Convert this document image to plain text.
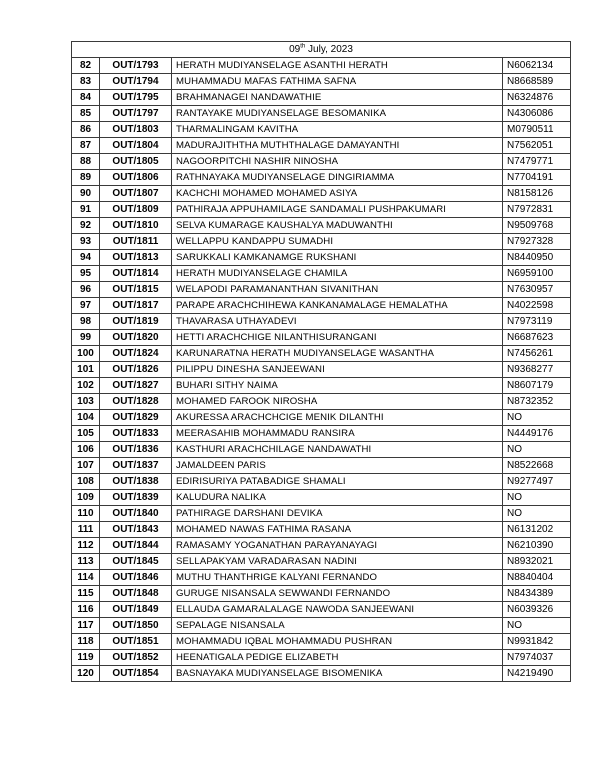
09th July, 2023			
82	OUT/1793	HERATH MUDIYANSELAGE ASANTHI HERATH	N6062134
83	OUT/1794	MUHAMMADU MAFAS FATHIMA SAFNA	N8668589
84	OUT/1795	BRAHMANAGEI NANDAWATHIE	N6324876
85	OUT/1797	RANTAYAKE MUDIYANSELAGE BESOMANIKA	N4306086
86	OUT/1803	THARMALINGAM KAVITHA	M0790511
87	OUT/1804	MADURAJITHTHA MUTHTHALAGE DAMAYANTHI	N7562051
88	OUT/1805	NAGOORPITCHI NASHIR NINOSHA	N7479771
89	OUT/1806	RATHNAYAKA MUDIYANSELAGE DINGIRIAMMA	N7704191
90	OUT/1807	KACHCHI MOHAMED MOHAMED ASIYA	N8158126
91	OUT/1809	PATHIRAJA APPUHAMILAGE SANDAMALI PUSHPAKUMARI	N7972831
92	OUT/1810	SELVA KUMARAGE KAUSHALYA MADUWANTHI	N9509768
93	OUT/1811	WELLAPPU KANDAPPU SUMADHI	N7927328
94	OUT/1813	SARUKKALI KAMKANAMGE RUKSHANI	N8440950
95	OUT/1814	HERATH MUDIYANSELAGE CHAMILA	N6959100
96	OUT/1815	WELAPODI PARAMANANTHAN SIVANITHAN	N7630957
97	OUT/1817	PARAPE ARACHCHIHEWA KANKANAMALAGE HEMALATHA	N4022598
98	OUT/1819	THAVARASA UTHAYADEVI	N7973119
99	OUT/1820	HETTI ARACHCHIGE NILANTHISURANGANI	N6687623
100	OUT/1824	KARUNARATNA HERATH MUDIYANSELAGE WASANTHA	N7456261
101	OUT/1826	PILIPPU DINESHA SANJEEWANI	N9368277
102	OUT/1827	BUHARI SITHY NAIMA	N8607179
103	OUT/1828	MOHAMED FAROOK NIROSHA	N8732352
104	OUT/1829	AKURESSA ARACHCHCIGE MENIK DILANTHI	NO
105	OUT/1833	MEERASAHIB MOHAMMADU RANSIRA	N4449176
106	OUT/1836	KASTHURI ARACHCHILAGE NANDAWATHI	NO
107	OUT/1837	JAMALDEEN PARIS	N8522668
108	OUT/1838	EDIRISURIYA PATABADIGE SHAMALI	N9277497
109	OUT/1839	KALUDURA NALIKA	NO
110	OUT/1840	PATHIRAGE DARSHANI DEVIKA	NO
111	OUT/1843	MOHAMED NAWAS FATHIMA RASANA	N6131202
112	OUT/1844	RAMASAMY YOGANATHAN PARAYANAYAGI	N6210390
113	OUT/1845	SELLAPAKYAM VARADARASAN NADINI	N8932021
114	OUT/1846	MUTHU THANTHRIGE KALYANI FERNANDO	N8840404
115	OUT/1848	GURUGE NISANSALA SEWWANDI FERNANDO	N8434389
116	OUT/1849	ELLAUDA GAMARALALAGE NAWODA SANJEEWANI	N6039326
117	OUT/1850	SEPALAGE NISANSALA	NO
118	OUT/1851	MOHAMMADU IQBAL MOHAMMADU PUSHRAN	N9931842
119	OUT/1852	HEENATIGALA PEDIGE ELIZABETH	N7974037
120	OUT/1854	BASNAYAKA MUDIYANSELAGE BISOMENIKA	N4219490
